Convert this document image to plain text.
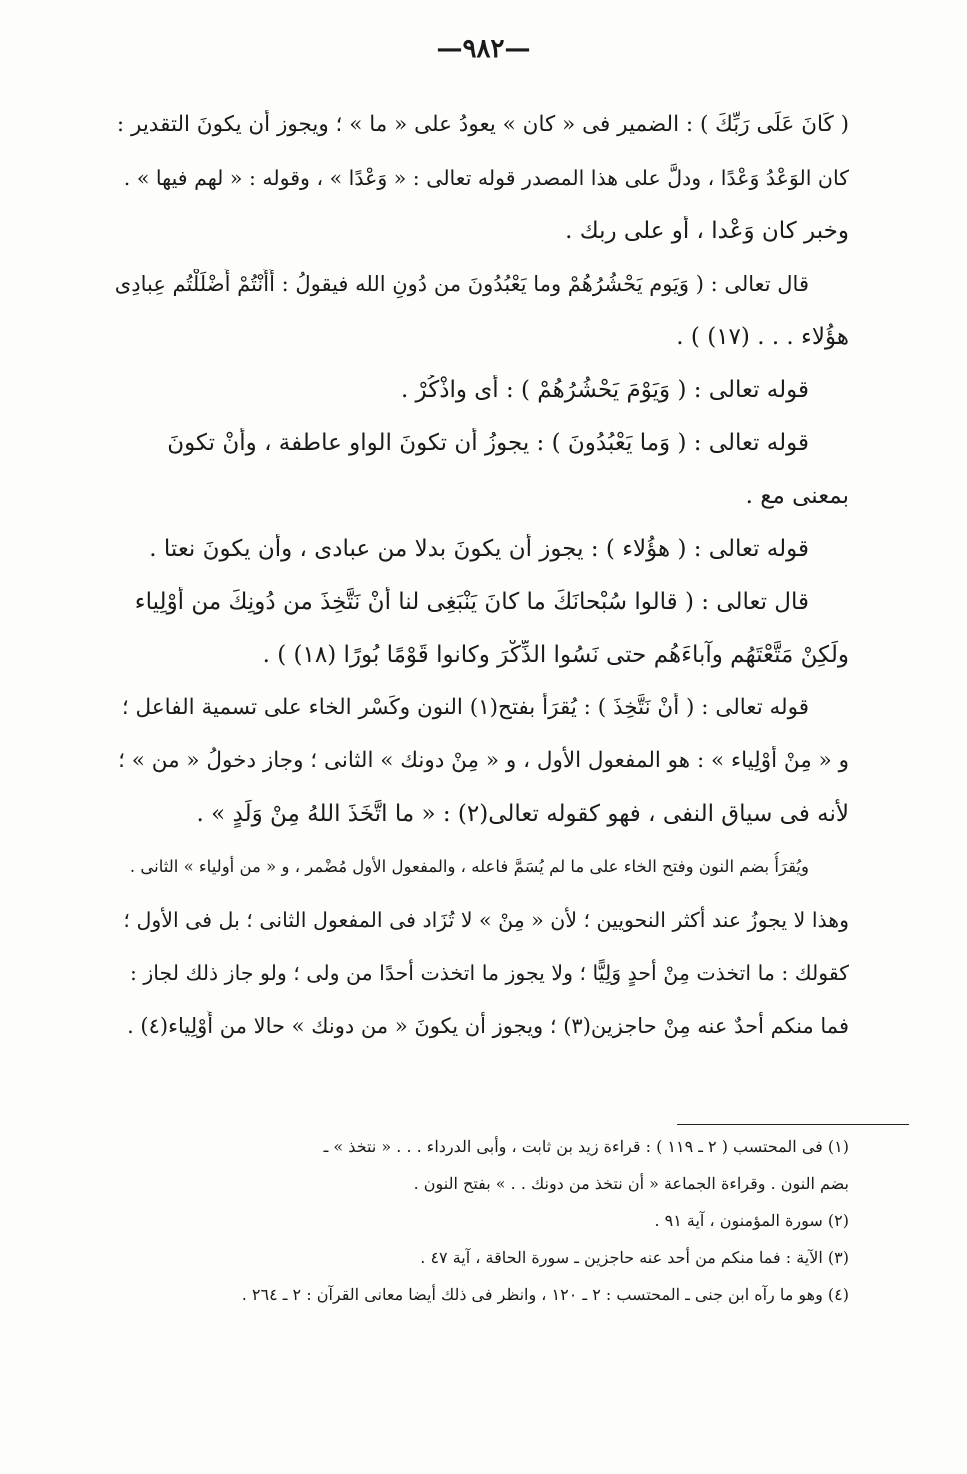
—٩٨٢—
( كَانَ عَلَى رَبِّكَ ) : الضمير فى « كان » يعودُ على « ما » ؛ ويجوز أن يكونَ التقدير :
كان الوَعْدُ وَعْدًا ، ودلَّ على هذا المصدر قوله تعالى : « وَعْدًا » ، وقوله : « لهم فيها » .
وخبر كان وَعْدا ، أو على ربك .
قال تعالى : ( وَيَوم يَحْشُرُهُمْ وما يَعْبُدُونَ من دُونِ الله فيقولُ : أَأَنْتُمْ أَضْلَلْتُم عِبادِى
هؤُلاء . . . (١٧) ) .
قوله تعالى : ( وَيَوْمَ يَحْشُرُهُمْ ) : أى واذْكُرْ .
قوله تعالى : ( وَما يَعْبُدُونَ ) : يجوزُ أن تكونَ الواو عاطفة ، وأنْ تكونَ
بمعنى مع .
قوله تعالى : ( هؤُلاء ) : يجوز أن يكونَ بدلا من عبادى ، وأن يكونَ نعتا .
قال تعالى : ( قالوا سُبْحانَكَ ما كانَ يَنْبَغِى لنا أنْ نَتَّخِذَ من دُونِكَ من أَوْلِياء
ولَكِنْ مَتَّعْتَهُم وآباءَهُم حتى نَسُوا الذِّكْرَ وكانوا قَوْمًا بُورًا (١٨) ) .
قوله تعالى : ( أنْ نَتَّخِذَ ) : يُقرَأُ بفتح(١) النون وكَسْر الخاء على تسمية الفاعل ؛
و « مِنْ أوْلِياء » : هو المفعول الأول ، و « مِنْ دونك » الثانى ؛ وجاز دخولُ « من » ؛
لأنه فى سياق النفى ، فهو كقوله تعالى(٢) : « ما اتَّخَذَ اللهُ مِنْ وَلَدٍ » .
ويُقرَأُ بضم النون وفتح الخاء على ما لم يُسَمَّ فاعله ، والمفعول الأول مُضْمر ، و « من أولياء » الثانى .
وهذا لا يجوزُ عند أكثر النحويين ؛ لأن « مِنْ » لا تُزَاد فى المفعول الثانى ؛ بل فى الأول ؛
كقولك : ما اتخذت مِنْ أحدٍ وَلِيًّا ؛ ولا يجوز ما اتخذت أحدًا من ولى ؛ ولو جاز ذلك لجاز :
فما منكم أحدٌ عنه مِنْ حاجزين(٣) ؛ ويجوز أن يكونَ « من دونك » حالا من أَوْلِياء(٤) .
(١) فى المحتسب ( ٢ ـ ١١٩ ) : قراءة زيد بن ثابت ، وأبى الدرداء . . . « نتخذ » ـ
بضم النون . وقراءة الجماعة « أن نتخذ من دونك . . » بفتح النون .
(٢) سورة المؤمنون ، آية ٩١ .
(٣) الآية : فما منكم من أحد عنه حاجزين ـ سورة الحاقة ، آية ٤٧ .
(٤) وهو ما رآه ابن جنى ـ المحتسب : ٢ ـ ١٢٠ ، وانظر فى ذلك أيضا معانى القرآن : ٢ ـ ٢٦٤ .
